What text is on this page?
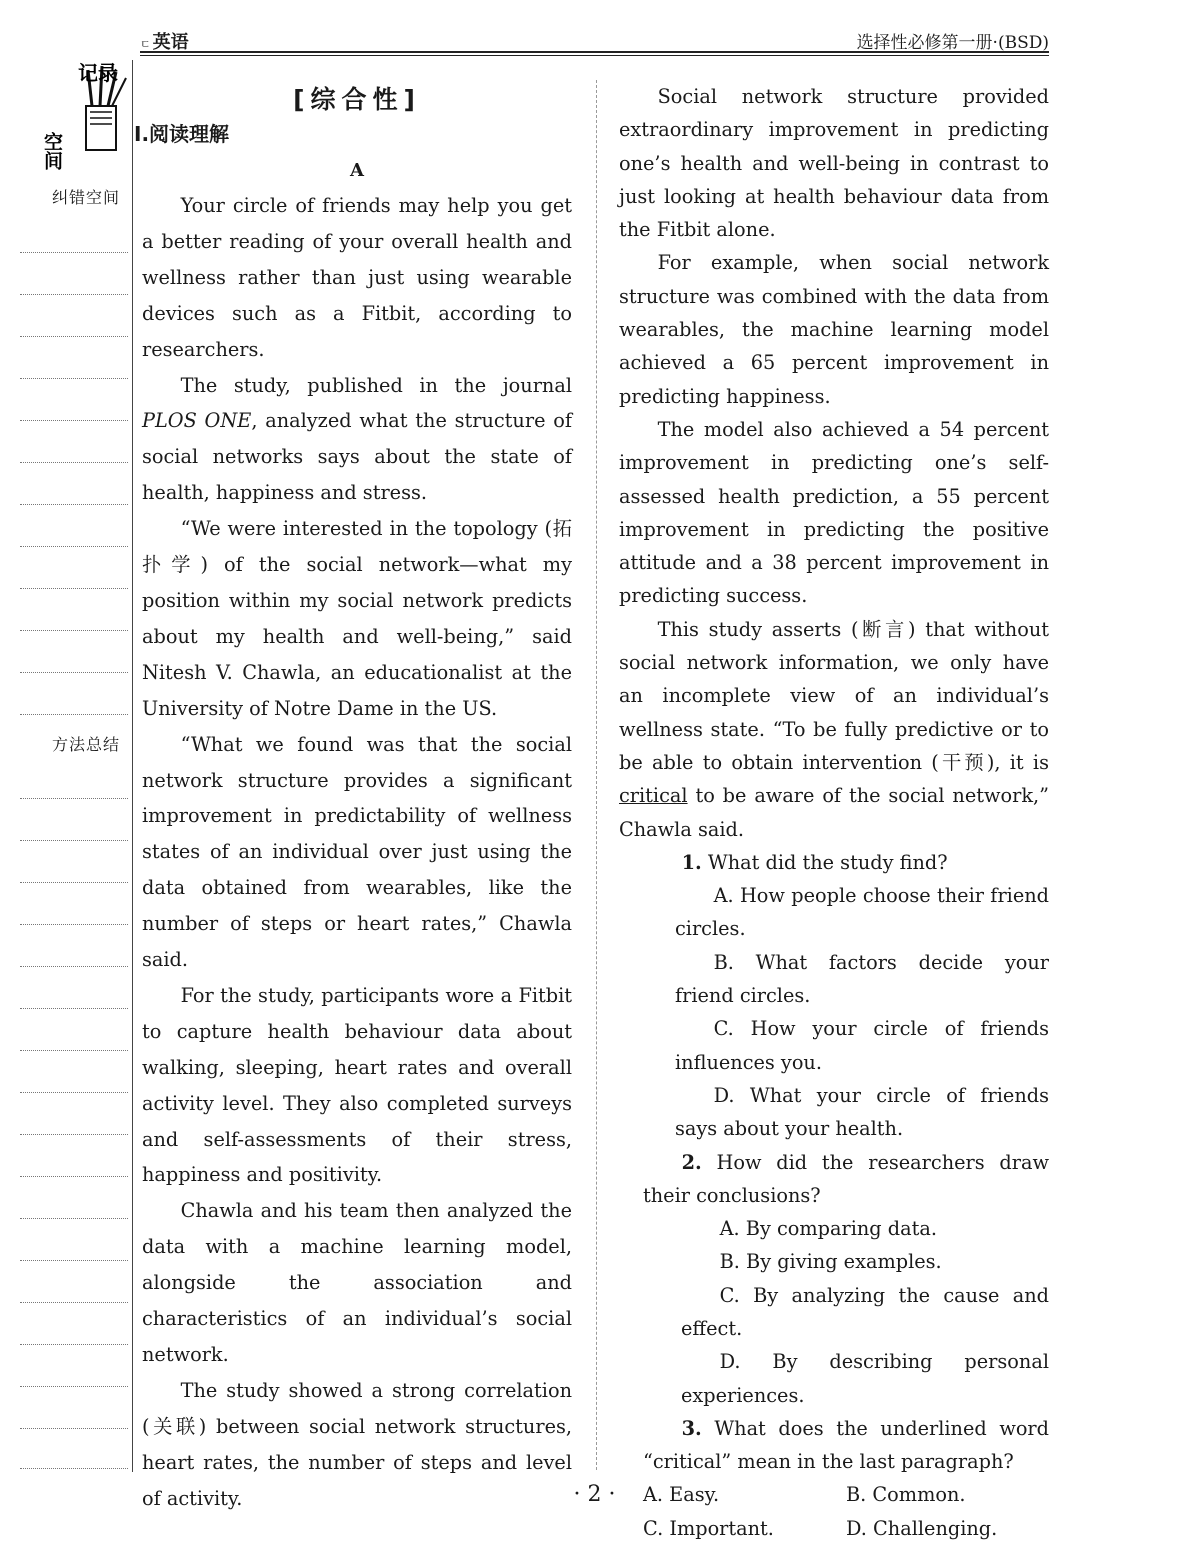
ㄷ 英语	选择性必修第一册·(BSD)
记录
空间
纠错空间
方法总结
[综合性]
Ⅰ.阅读理解
A

Your circle of friends may help you get a better reading of your overall health and wellness rather than just using wearable devices such as a Fitbit, according to researchers.

The study, published in the journal PLOS ONE, analyzed what the structure of social networks says about the state of health, happiness and stress.

“We were interested in the topology (拓扑学) of the social network—what my position within my social network predicts about my health and well-being,” said Nitesh V. Chawla, an educationalist at the University of Notre Dame in the US.

“What we found was that the social network structure provides a significant improvement in predictability of wellness states of an individual over just using the data obtained from wearables, like the number of steps or heart rates,” Chawla said.

For the study, participants wore a Fitbit to capture health behaviour data about walking, sleeping, heart rates and overall activity level. They also completed surveys and self-assessments of their stress, happiness and positivity.

Chawla and his team then analyzed the data with a machine learning model, alongside the association and characteristics of an individual’s social network.

The study showed a strong correlation (关联) between social network structures, heart rates, the number of steps and level of activity.

Social network structure provided extraordinary improvement in predicting one’s health and well-being in contrast to just looking at health behaviour data from the Fitbit alone.

For example, when social network structure was combined with the data from wearables, the machine learning model achieved a 65 percent improvement in predicting happiness.

The model also achieved a 54 percent improvement in predicting one’s self-assessed health prediction, a 55 percent improvement in predicting the positive attitude and a 38 percent improvement in predicting success.

This study asserts (断言) that without social network information, we only have an incomplete view of an individual’s wellness state. “To be fully predictive or to be able to obtain intervention (干预), it is critical to be aware of the social network,” Chawla said.

1. What did the study find?

A. How people choose their friend circles.

B. What factors decide your friend circles.

C. How your circle of friends influences you.

D. What your circle of friends says about your health.

2. How did the researchers draw their conclusions?

A. By comparing data.

B. By giving examples.

C. By analyzing the cause and effect.

D. By describing personal experiences.

3. What does the underlined word “critical” mean in the last paragraph?

A. Easy.	B. Common.
C. Important.	D. Challenging.
· 2 ·
